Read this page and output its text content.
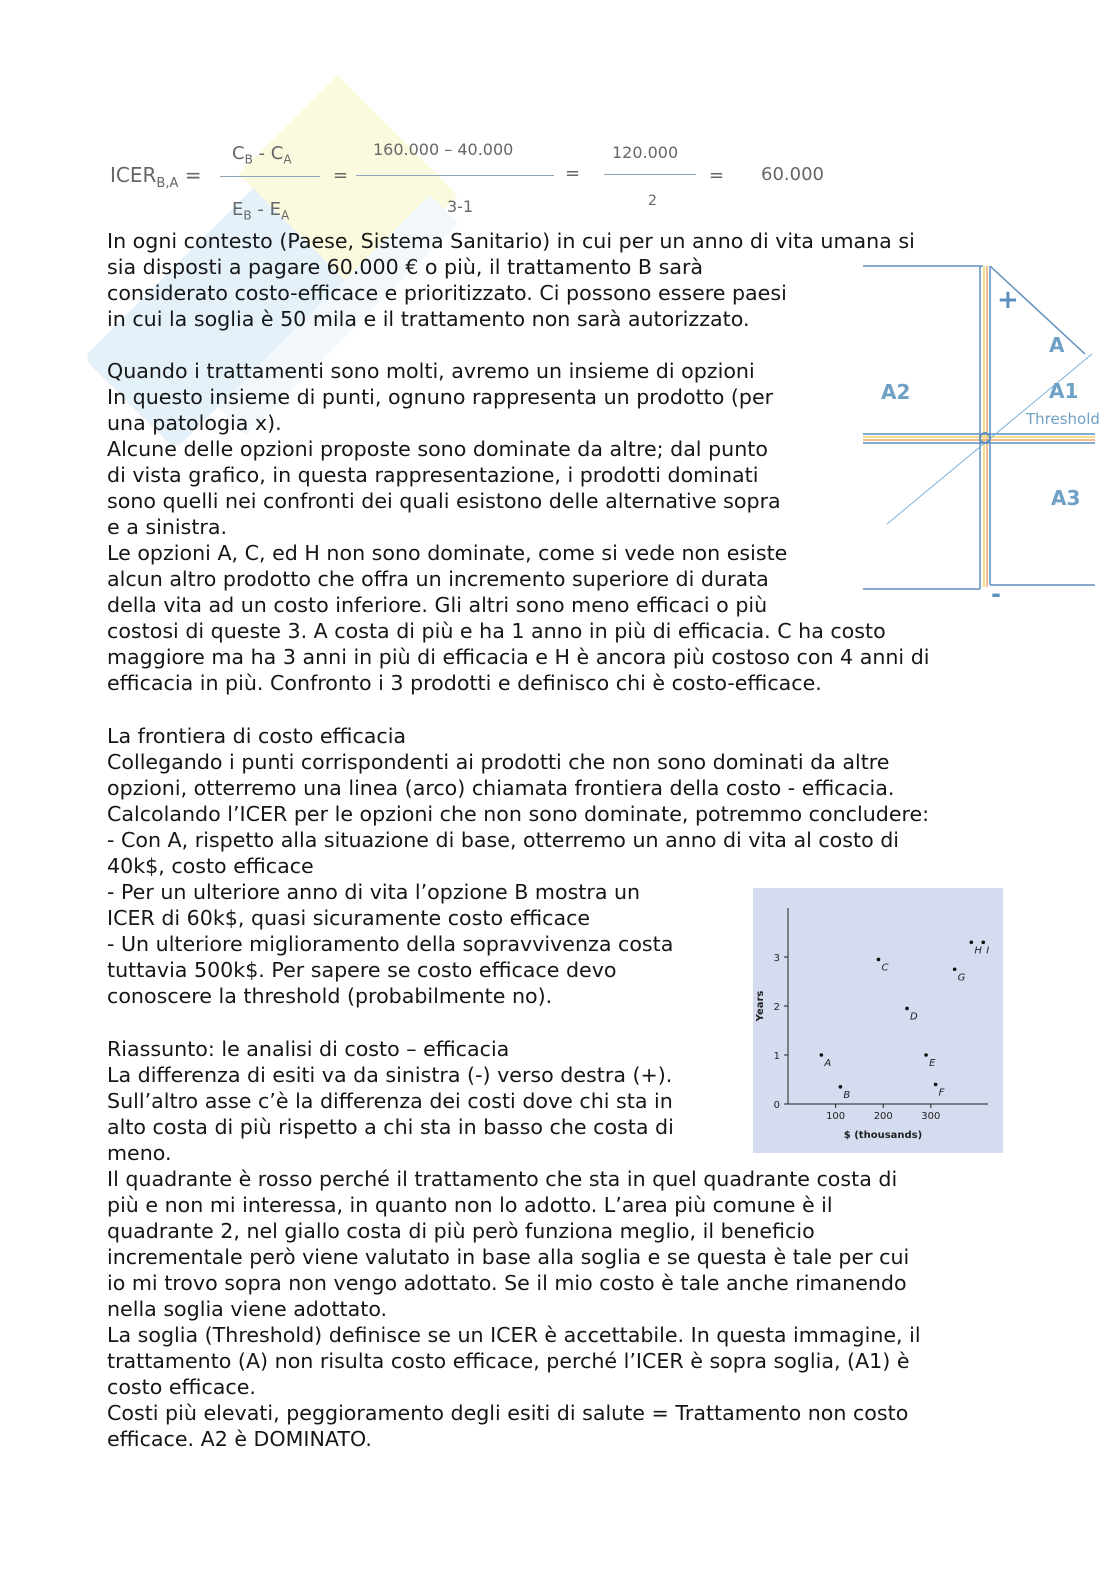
$ICER_{B,A}$ =
$C_B - C_A$
$E_B - E_A$
=
160.000 – 40.000
3-1
=
120.000
2
= 60.000

In ogni contesto (Paese, Sistema Sanitario) in cui per un anno di vita umana si
sia disposti a pagare 60.000 € o più, il trattamento B sarà
considerato costo-efficace e prioritizzato. Ci possono essere paesi
in cui la soglia è 50 mila e il trattamento non sarà autorizzato.

Quando i trattamenti sono molti, avremo un insieme di opzioni
In questo insieme di punti, ognuno rappresenta un prodotto (per
una patologia x).
Alcune delle opzioni proposte sono dominate da altre; dal punto
di vista grafico, in questa rappresentazione, i prodotti dominati
sono quelli nei confronti dei quali esistono delle alternative sopra
e a sinistra.
Le opzioni A, C, ed H non sono dominate, come si vede non esiste
alcun altro prodotto che offra un incremento superiore di durata
della vita ad un costo inferiore. Gli altri sono meno efficaci o più
costosi di queste 3. A costa di più e ha 1 anno in più di efficacia. C ha costo
maggiore ma ha 3 anni in più di efficacia e H è ancora più costoso con 4 anni di
efficacia in più. Confronto i 3 prodotti e definisco chi è costo-efficace.

La frontiera di costo efficacia
Collegando i punti corrispondenti ai prodotti che non sono dominati da altre
opzioni, otterremo una linea (arco) chiamata frontiera della costo - efficacia.
Calcolando l’ICER per le opzioni che non sono dominate, potremmo concludere:
- Con A, rispetto alla situazione di base, otterremo un anno di vita al costo di
40k$, costo efficace
- Per un ulteriore anno di vita l’opzione B mostra un
ICER di 60k$, quasi sicuramente costo efficace
- Un ulteriore miglioramento della sopravvivenza costa
tuttavia 500k$. Per sapere se costo efficace devo
conoscere la threshold (probabilmente no).

Riassunto: le analisi di costo – efficacia
La differenza di esiti va da sinistra (-) verso destra (+).
Sull’altro asse c’è la differenza dei costi dove chi sta in
alto costa di più rispetto a chi sta in basso che costa di
meno.
Il quadrante è rosso perché il trattamento che sta in quel quadrante costa di
più e non mi interessa, in quanto non lo adotto. L’area più comune è il
quadrante 2, nel giallo costa di più però funziona meglio, il beneficio
incrementale però viene valutato in base alla soglia e se questa è tale per cui
io mi trovo sopra non vengo adottato. Se il mio costo è tale anche rimanendo
nella soglia viene adottato.
La soglia (Threshold) definisce se un ICER è accettabile. In questa immagine, il
trattamento (A) non risulta costo efficace, perché l’ICER è sopra soglia, (A1) è
costo efficace.
Costi più elevati, peggioramento degli esiti di salute = Trattamento non costo
efficace. A2 è DOMINATO.

+
-
A
A1
A2
A3
Threshold
Years
$ (thousands)
0
1
2
3
100	200	300
A
B
C
D
E
F
G
H I
